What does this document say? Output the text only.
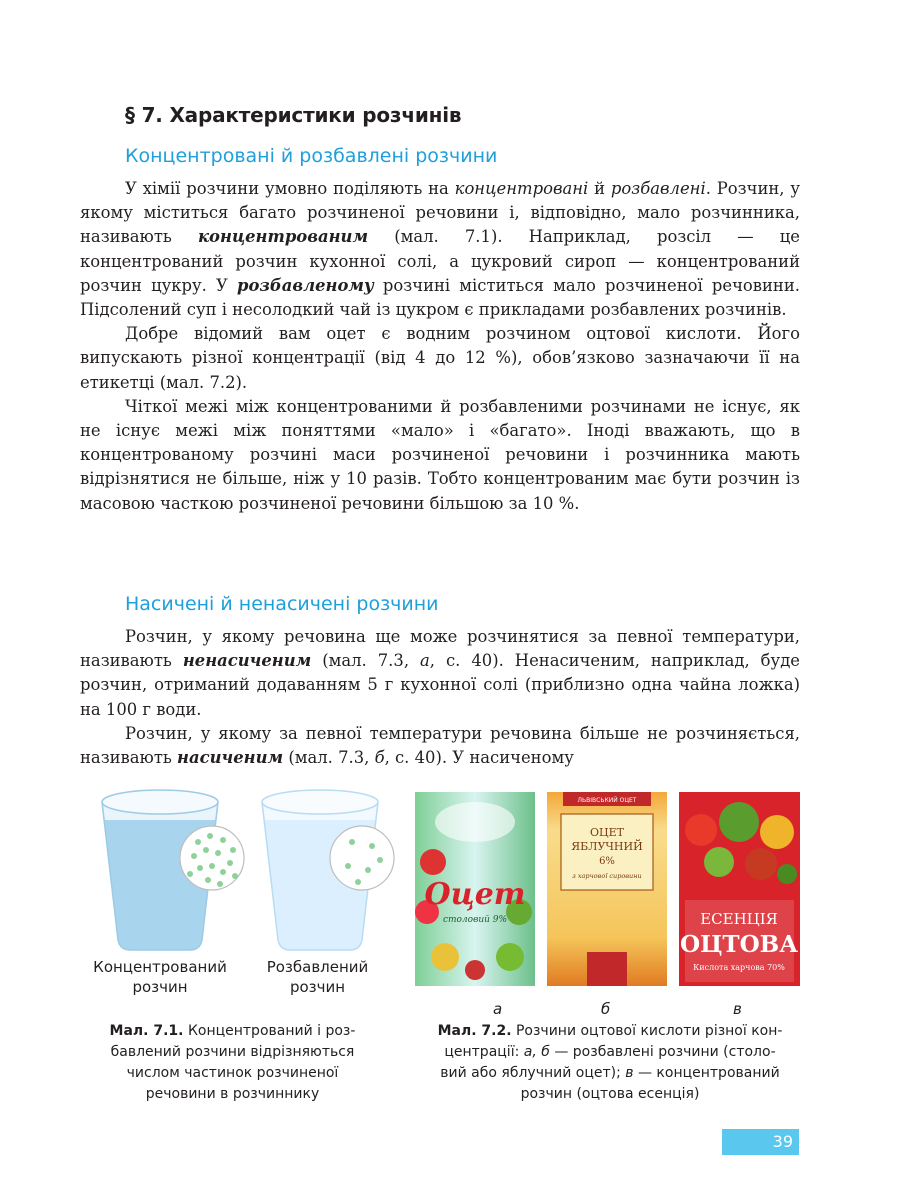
§ 7. Характеристики розчинів
Концентровані й розбавлені розчини

У хімії розчини умовно поділяють на концентровані й розбавлені. Розчин, у якому міститься багато розчиненої речовини і, відповідно, мало розчинника, називають концентрованим (мал. 7.1). Наприклад, розсіл — це концентрований розчин кухонної солі, а цукровий сироп — концентрований розчин цукру. У розбавленому розчині міститься мало розчиненої речовини. Підсолений суп і несолодкий чай із цукром є прикладами розбавлених розчинів.

Добре відомий вам оцет є водним розчином оцтової кислоти. Його випускають різної концентрації (від 4 до 12 %), обов’язково зазначаючи її на етикетці (мал. 7.2).

Чіткої межі між концентрованими й розбавленими розчинами не існує, як не існує межі між поняттями «мало» і «багато». Іноді вважають, що в концентрованому розчині маси розчиненої речовини і розчинника мають відрізнятися не більше, ніж у 10 разів. Тобто концентрованим має бути розчин із масовою часткою розчиненої речовини більшою за 10 %.

Насичені й ненасичені розчини

Розчин, у якому речовина ще може розчинятися за певної температури, називають ненасиченим (мал. 7.3, а, с. 40). Ненасиченим, наприклад, буде розчин, отриманий додаванням 5 г кухонної солі (приблизно одна чайна ложка) на 100 г води.

Розчин, у якому за певної температури речовина більше не розчиняється, називають насиченим (мал. 7.3, б, с. 40). У насиченому

Концентрований
розчин
Розбавлений
розчин
Мал. 7.1. Концентрований і роз-
бавлений розчини відрізняються
числом частинок розчиненої
речовини в розчиннику
Оцет
столовий 9%
ЛЬВІВСЬКИЙ ОЦЕТ
ОЦЕТ
ЯБЛУЧНИЙ
6%
з харчової сировини
ЕСЕНЦІЯ
ОЦТОВА
Кислота харчова 70%
а	б	в
Мал. 7.2. Розчини оцтової кислоти різної кон-
центрації: а, б — розбавлені розчини (столо-
вий або яблучний оцет); в — концентрований
розчин (оцтова есенція)
39
